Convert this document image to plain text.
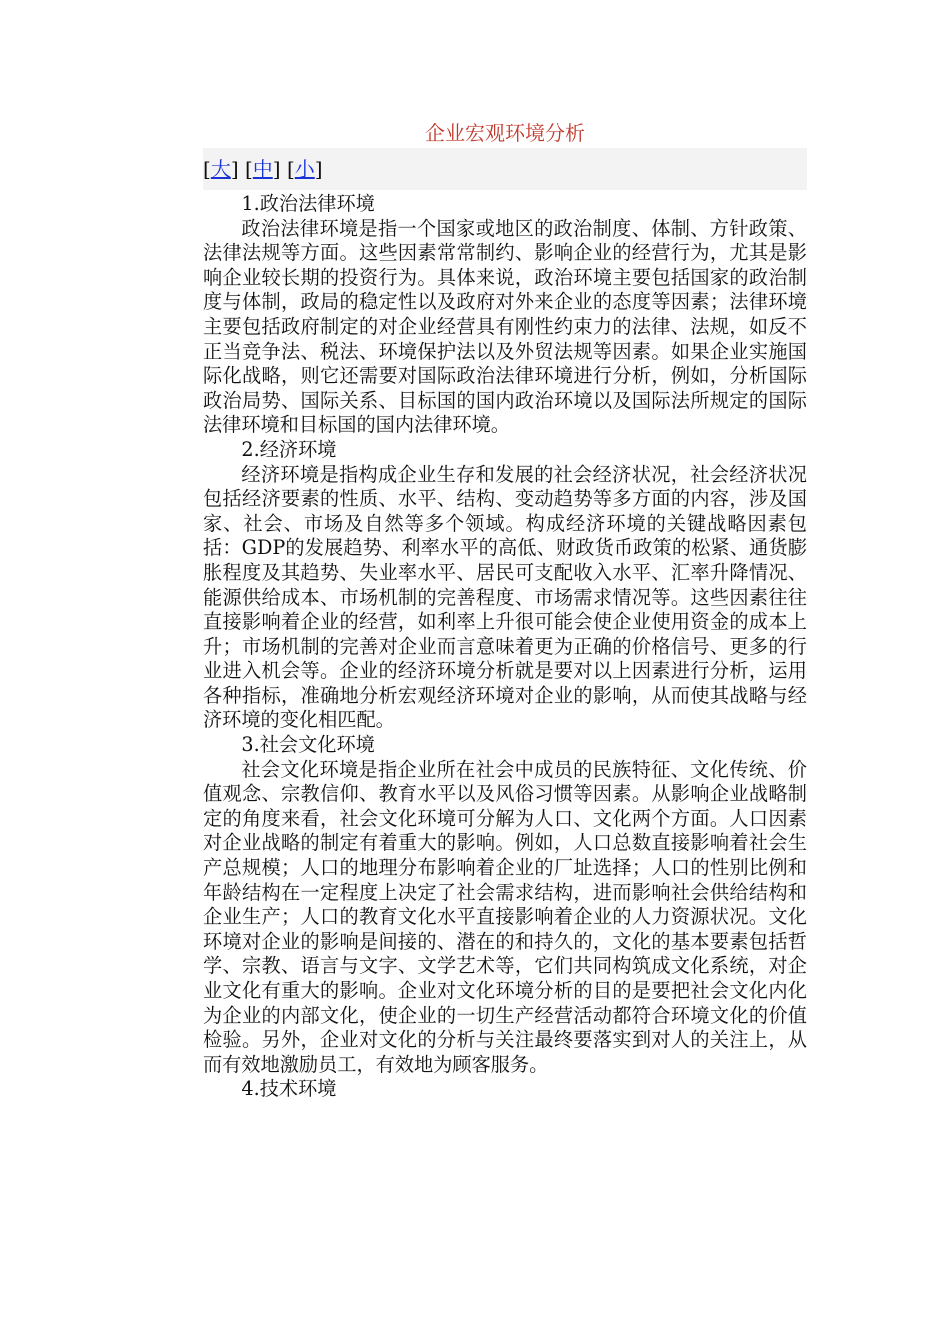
企业宏观环境分析
[大] [中] [小]

1.政治法律环境

政治法律环境是指一个国家或地区的政治制度、体制、方针政策、法律法规等方面。这些因素常常制约、影响企业的经营行为，尤其是影响企业较长期的投资行为。具体来说，政治环境主要包括国家的政治制度与体制，政局的稳定性以及政府对外来企业的态度等因素；法律环境主要包括政府制定的对企业经营具有刚性约束力的法律、法规，如反不正当竞争法、税法、环境保护法以及外贸法规等因素。如果企业实施国际化战略，则它还需要对国际政治法律环境进行分析，例如，分析国际政治局势、国际关系、目标国的国内政治环境以及国际法所规定的国际法律环境和目标国的国内法律环境。

2.经济环境

经济环境是指构成企业生存和发展的社会经济状况，社会经济状况包括经济要素的性质、水平、结构、变动趋势等多方面的内容，涉及国家、社会、市场及自然等多个领域。构成经济环境的关键战略因素包括：GDP的发展趋势、利率水平的高低、财政货币政策的松紧、通货膨胀程度及其趋势、失业率水平、居民可支配收入水平、汇率升降情况、能源供给成本、市场机制的完善程度、市场需求情况等。这些因素往往直接影响着企业的经营，如利率上升很可能会使企业使用资金的成本上升；市场机制的完善对企业而言意味着更为正确的价格信号、更多的行业进入机会等。企业的经济环境分析就是要对以上因素进行分析，运用各种指标，准确地分析宏观经济环境对企业的影响，从而使其战略与经济环境的变化相匹配。

3.社会文化环境

社会文化环境是指企业所在社会中成员的民族特征、文化传统、价值观念、宗教信仰、教育水平以及风俗习惯等因素。从影响企业战略制定的角度来看，社会文化环境可分解为人口、文化两个方面。人口因素对企业战略的制定有着重大的影响。例如，人口总数直接影响着社会生产总规模；人口的地理分布影响着企业的厂址选择；人口的性别比例和年龄结构在一定程度上决定了社会需求结构，进而影响社会供给结构和企业生产；人口的教育文化水平直接影响着企业的人力资源状况。文化环境对企业的影响是间接的、潜在的和持久的，文化的基本要素包括哲学、宗教、语言与文字、文学艺术等，它们共同构筑成文化系统，对企业文化有重大的影响。企业对文化环境分析的目的是要把社会文化内化为企业的内部文化，使企业的一切生产经营活动都符合环境文化的价值检验。另外，企业对文化的分析与关注最终要落实到对人的关注上，从而有效地激励员工，有效地为顾客服务。

4.技术环境
